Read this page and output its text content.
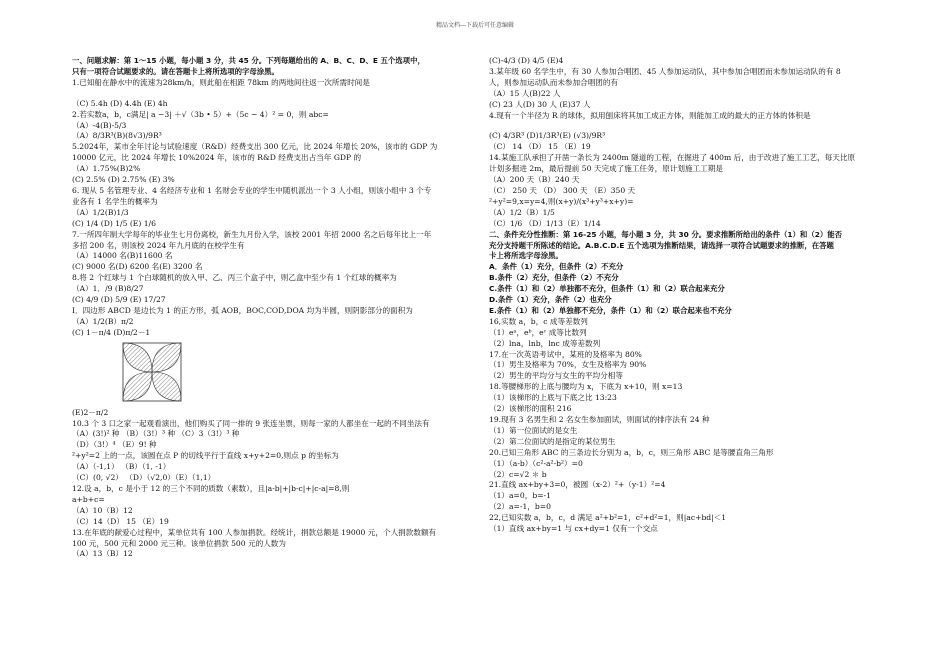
精品文档---下载后可任意编辑
一、问题求解：第 1～15 小题，每小题 3 分，共 45 分。下列每题给出的 A、B、C、D、E 五个选项中，
只有一项符合试题要求的。请在答题卡上将所选项的字母涂黑。
1.已知船在静水中的流速为28km/h，则此船在相距 78km 的两地间往返一次所需时间是
（C) 5.4h (D) 4.4h (E) 4h
2.若实数a，b，c满足| a −3| ＋√（3b • 5）+（5c − 4）² = 0，则 abc=
（A）-4(B)-5/3
（A）8/3R³(B)(8√3)/9R³
5.2024年，某市全年讨论与试验速度（R&D）经费支出 300 亿元，比 2024 年增长 20%，该市的 GDP 为
10000 亿元，比 2024 年增长 10%2024 年，该市的 R&D 经费支出占当年 GDP 的
（A）1.75%(B)2%
(C) 2.5% (D) 2.75% (E) 3%
6. 现从 5 名管理专业、4 名经济专业和 1 名财会专业的学生中随机派出一个 3 人小组，则该小组中 3 个专
业各有 1 名学生的概率为
（A）1/2(B)1/3
(C) 1/4 (D) 1/5 (E) 1/6
7.一所四年制大学每年的毕业生七月份离校，新生九月份入学，该校 2001 年招 2000 名之后每年比上一年
多招 200 名，则该校 2024 年九月底的在校学生有
（A）14000 名(B)11600 名
(C) 9000 名(D) 6200 名(E) 3200 名
8.将 2 个红球与 1 个白球随机的放入甲、乙、丙三个盒子中，则乙盒中至少有 1 个红球的概率为
（A）1．/9 (B)8/27
(C) 4/9 (D) 5/9 (E) 17/27
I．四边形 ABCD 是边长为 1 的正方形，弧 AOB，BOC,COD,DOA 均为半圆，则阴影部分的面积为
（A）1/2(B）π/2
(C) 1－π/4 (D)π/2－1
(E)2－π/2
10.3 个 3 口之家一起观看演出，他们购买了同一排的 9 张连坐票，则每一家的人都坐在一起的不同坐法有
（A）(3!)² 种 （B）（3!）³ 种 （C）3（3!）³ 种
（D）（3!）⁴ （E）9! 种
²+y²=2 上的一点，该圆在点 P 的切线平行于直线 x+y+2=0,则点 p 的坐标为
（A）（-1,1） （B）（1, -1）
（C）(0, √2） （D）（√2,0）（E）（1,1）
12.设 a，b，c 是小于 12 的三个不同的质数（素数），且|a-b|+|b-c|+|c-a|=8,则
a+b+c=
（A）10（B）12
（C）14（D） 15 （E）19
13.在年底的献爱心过程中，某单位共有 100 人参加捐款。经统计，捐款总额是 19000 元，个人捐款数额有
100 元，500 元和 2000 元三种。该单位捐款 500 元的人数为
（A）13（B）12
(C)-4/3 (D) 4/5 (E)4
3.某年级 60 名学生中，有 30 人参加合唱团、45 人参加运动队，其中参加合唱团而未参加运动队的有 8
人，则参加运动队而未参加合唱团的有
（A）15 人(B)22 人
(C) 23 人(D) 30 人 (E)37 人
4.现有一个半径为 R 的球体，拟用刨床将其加工成正方体，则能加工成的最大的正方体的体积是
(C) 4/3R³ (D)1/3R³(E) (√3)/9R³
（C） 14 （D） 15 （E）19
14.某施工队承担了开凿一条长为 2400m 隧道的工程，在掘进了 400m 后，由于改进了施工工艺，每天比原
计划多掘进 2m，最后提前 50 天完成了施工任务，原计划施工工期是
（A）200 天（B）240 天
（C） 250 天 （D） 300 天 （E）350 天
²+y²=9,x=y=4,则(x+y)/(x³+y³+x+y)=
（A）1/2（B）1/5
（C）1/6 （D）1/13（E）1/14
二、条件充分性推断：第 16-25 小题，每小题 3 分，共 30 分。要求推断所给出的条件（1）和（2）能否
充分支持题干所陈述的结论。A.B.C.D.E 五个选项为推断结果，请选择一项符合试题要求的推断，在答题
卡上将所选字母涂黑。
A．条件（1）充分，但条件（2）不充分
B.条件（2）充分，但条件（2）不充分
C.条件（1）和（2）单独都不充分，但条件（1）和（2）联合起来充分
D.条件（1）充分，条件（2）也充分
E.条件（1）和（2）单独都不充分，条件（1）和（2）联合起来也不充分
16,实数 a，b，c 成等差数列
（1）eᵃ，eᵇ，eᶜ 成等比数列
（2）lna，lnb，lnc 成等差数列
17.在一次英语考试中，某班的及格率为 80%
（1）男生及格率为 70%，女生及格率为 90%
（2）男生的平均分与女生的平均分相等
18.等腰梯形的上底与腰均为 x，下底为 x+10，则 x=13
（1）该梯形的上底与下底之比 13:23
（2）该梯形的面积 216
19.现有 3 名男生和 2 名女生参加面试，则面试的排序法有 24 种
（1）第一位面试的是女生
（2）第二位面试的是指定的某位男生
20.已知三角形 ABC 的三条边长分别为 a，b，c，则三角形 ABC 是等腰直角三角形
（1）（a-b）（c²-a²-b²）=0
（2）c=√2 ＊ b
21.直线 ax+by+3=0，被圆（x-2）²+（y-1）²=4
（1）a=0，b=-1
（2）a=-1，b=0
22,已知实数 a，b，c，d 满足 a²+b²=1，c²+d²=1，则|ac+bd|＜1
（1）直线 ax+by=1 与 cx+dy=1 仅有一个交点
